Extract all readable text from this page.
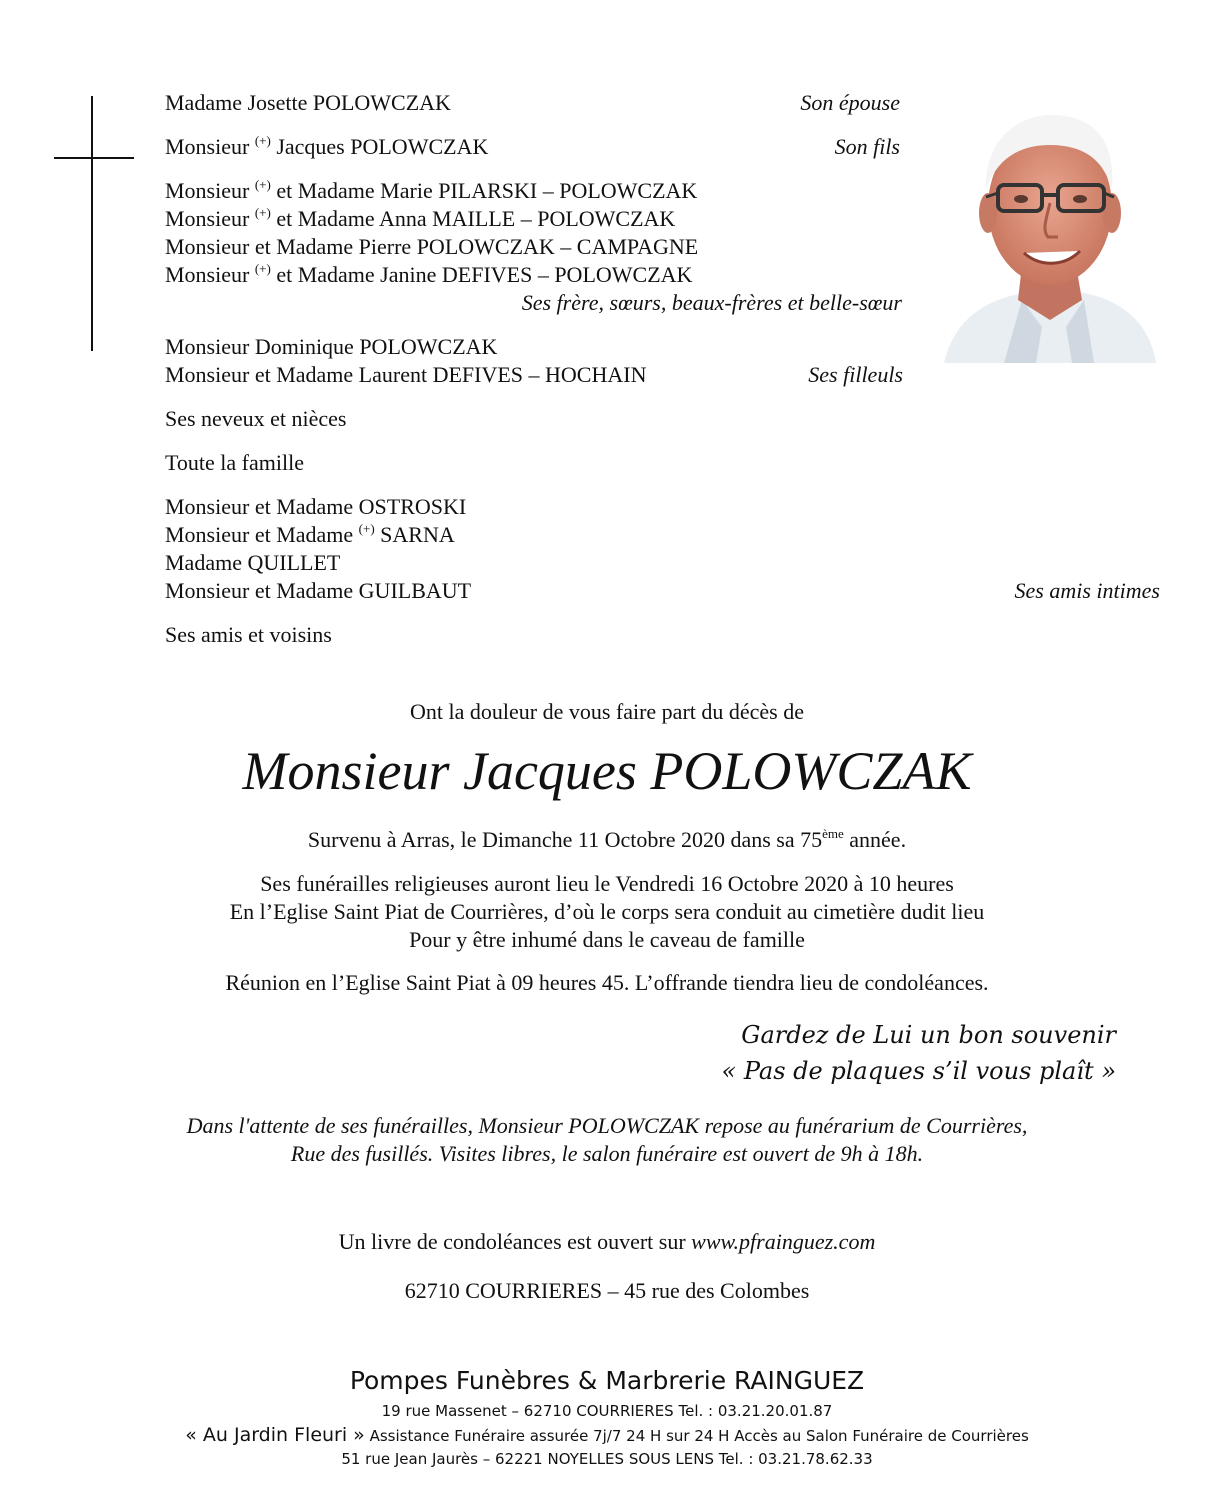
Madame Josette POLOWCZAK	Son épouse
Monsieur (+) Jacques POLOWCZAK	Son fils
Monsieur (+) et Madame Marie PILARSKI – POLOWCZAK
Monsieur (+) et Madame Anna MAILLE – POLOWCZAK
Monsieur et Madame Pierre POLOWCZAK – CAMPAGNE
Monsieur (+) et Madame Janine DEFIVES – POLOWCZAK
Ses frère, sœurs, beaux-frères et belle-sœur
Monsieur Dominique POLOWCZAK
Monsieur et Madame Laurent DEFIVES – HOCHAIN	Ses filleuls
Ses neveux et nièces
Toute la famille
Monsieur et Madame OSTROSKI
Monsieur et Madame (+) SARNA
Madame QUILLET
Monsieur et Madame GUILBAUT	Ses amis intimes
Ses amis et voisins
Ont la douleur de vous faire part du décès de
Monsieur Jacques POLOWCZAK
Survenu à Arras, le Dimanche 11 Octobre 2020 dans sa 75ème année.
Ses funérailles religieuses auront lieu le Vendredi 16 Octobre 2020 à 10 heures
En l’Eglise Saint Piat de Courrières, d’où le corps sera conduit au cimetière dudit lieu
Pour y être inhumé dans le caveau de famille
Réunion en l’Eglise Saint Piat à 09 heures 45. L’offrande tiendra lieu de condoléances.
Gardez de Lui un bon souvenir
« Pas de plaques s’il vous plaît »
Dans l'attente de ses funérailles, Monsieur POLOWCZAK repose au funérarium de Courrières,
Rue des fusillés. Visites libres, le salon funéraire est ouvert de 9h à 18h.
Un livre de condoléances est ouvert sur www.pfrainguez.com
62710 COURRIERES – 45 rue des Colombes
Pompes Funèbres & Marbrerie RAINGUEZ
19 rue Massenet – 62710 COURRIERES Tel. : 03.21.20.01.87
« Au Jardin Fleuri » Assistance Funéraire assurée 7j/7 24 H sur 24 H Accès au Salon Funéraire de Courrières
51 rue Jean Jaurès – 62221 NOYELLES SOUS LENS Tel. : 03.21.78.62.33
